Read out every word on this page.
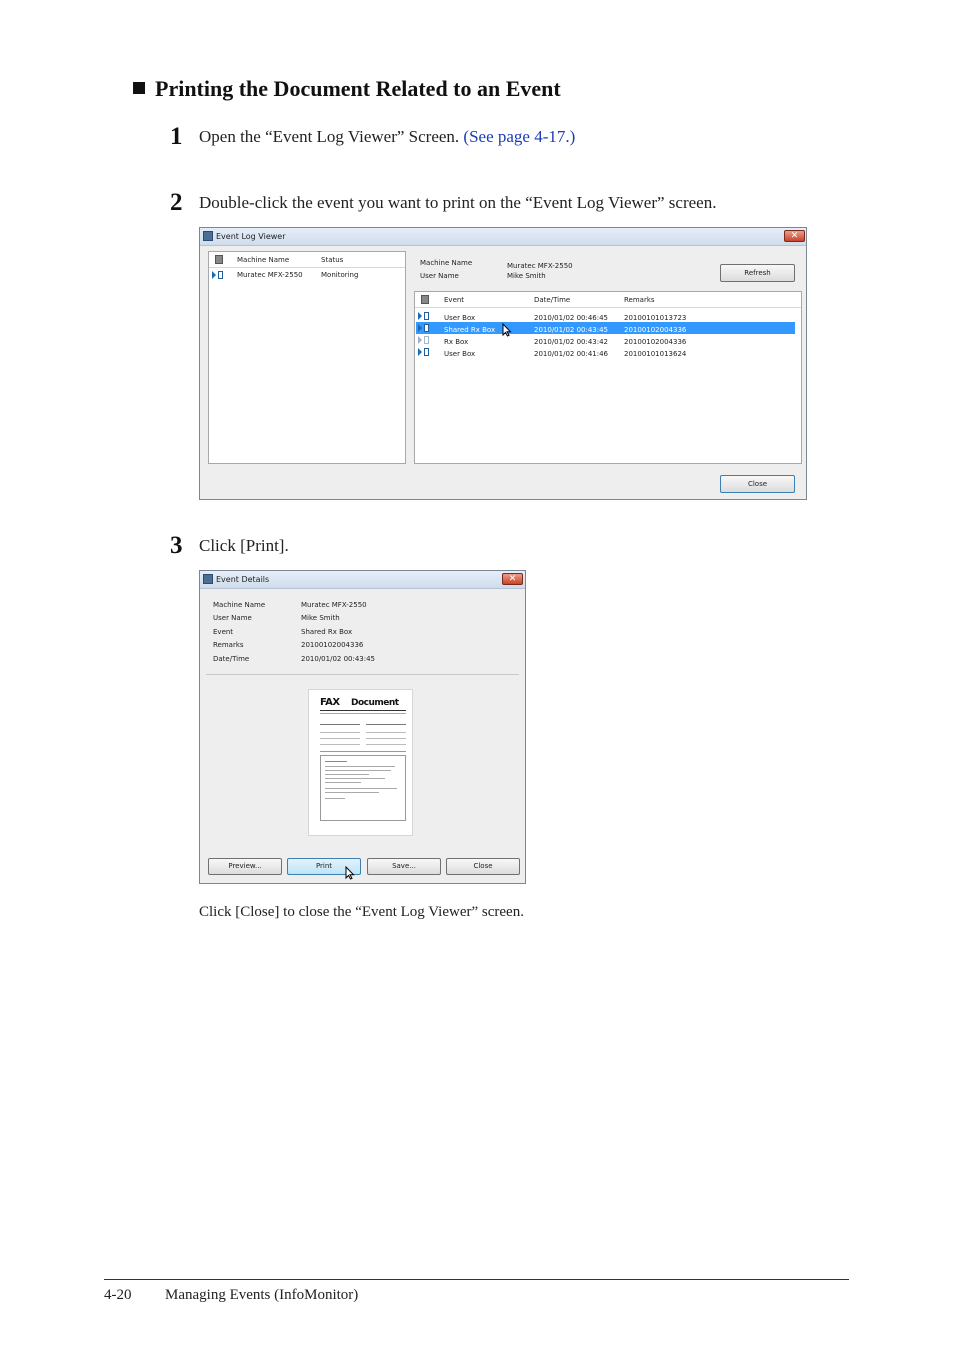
Printing the Document Related to an Event
1 Open the “Event Log Viewer” Screen. (See page 4-17.)
2 Double-click the event you want to print on the “Event Log Viewer” screen.
Event Log Viewer	✕
Machine Name	Status
Muratec MFX-2550	Monitoring
Machine Name	Muratec MFX-2550
User Name	Mike Smith	Refresh
Event	Date/Time	Remarks
User Box	2010/01/02 00:46:45 20100101013723
Shared Rx Box	2010/01/02 00:43:45 20100102004336
Rx Box	2010/01/02 00:43:42 20100102004336
User Box	2010/01/02 00:41:46 20100101013624
Close
3 Click [Print].
Event Details	✕
Machine Name	Muratec MFX-2550
User Name	Mike Smith
Event	Shared Rx Box
Remarks	20100102004336
Date/Time	2010/01/02 00:43:45
FAX Document
Preview...	Print	Save...	Close
Click [Close] to close the “Event Log Viewer” screen.
4-20 Managing Events (InfoMonitor)
